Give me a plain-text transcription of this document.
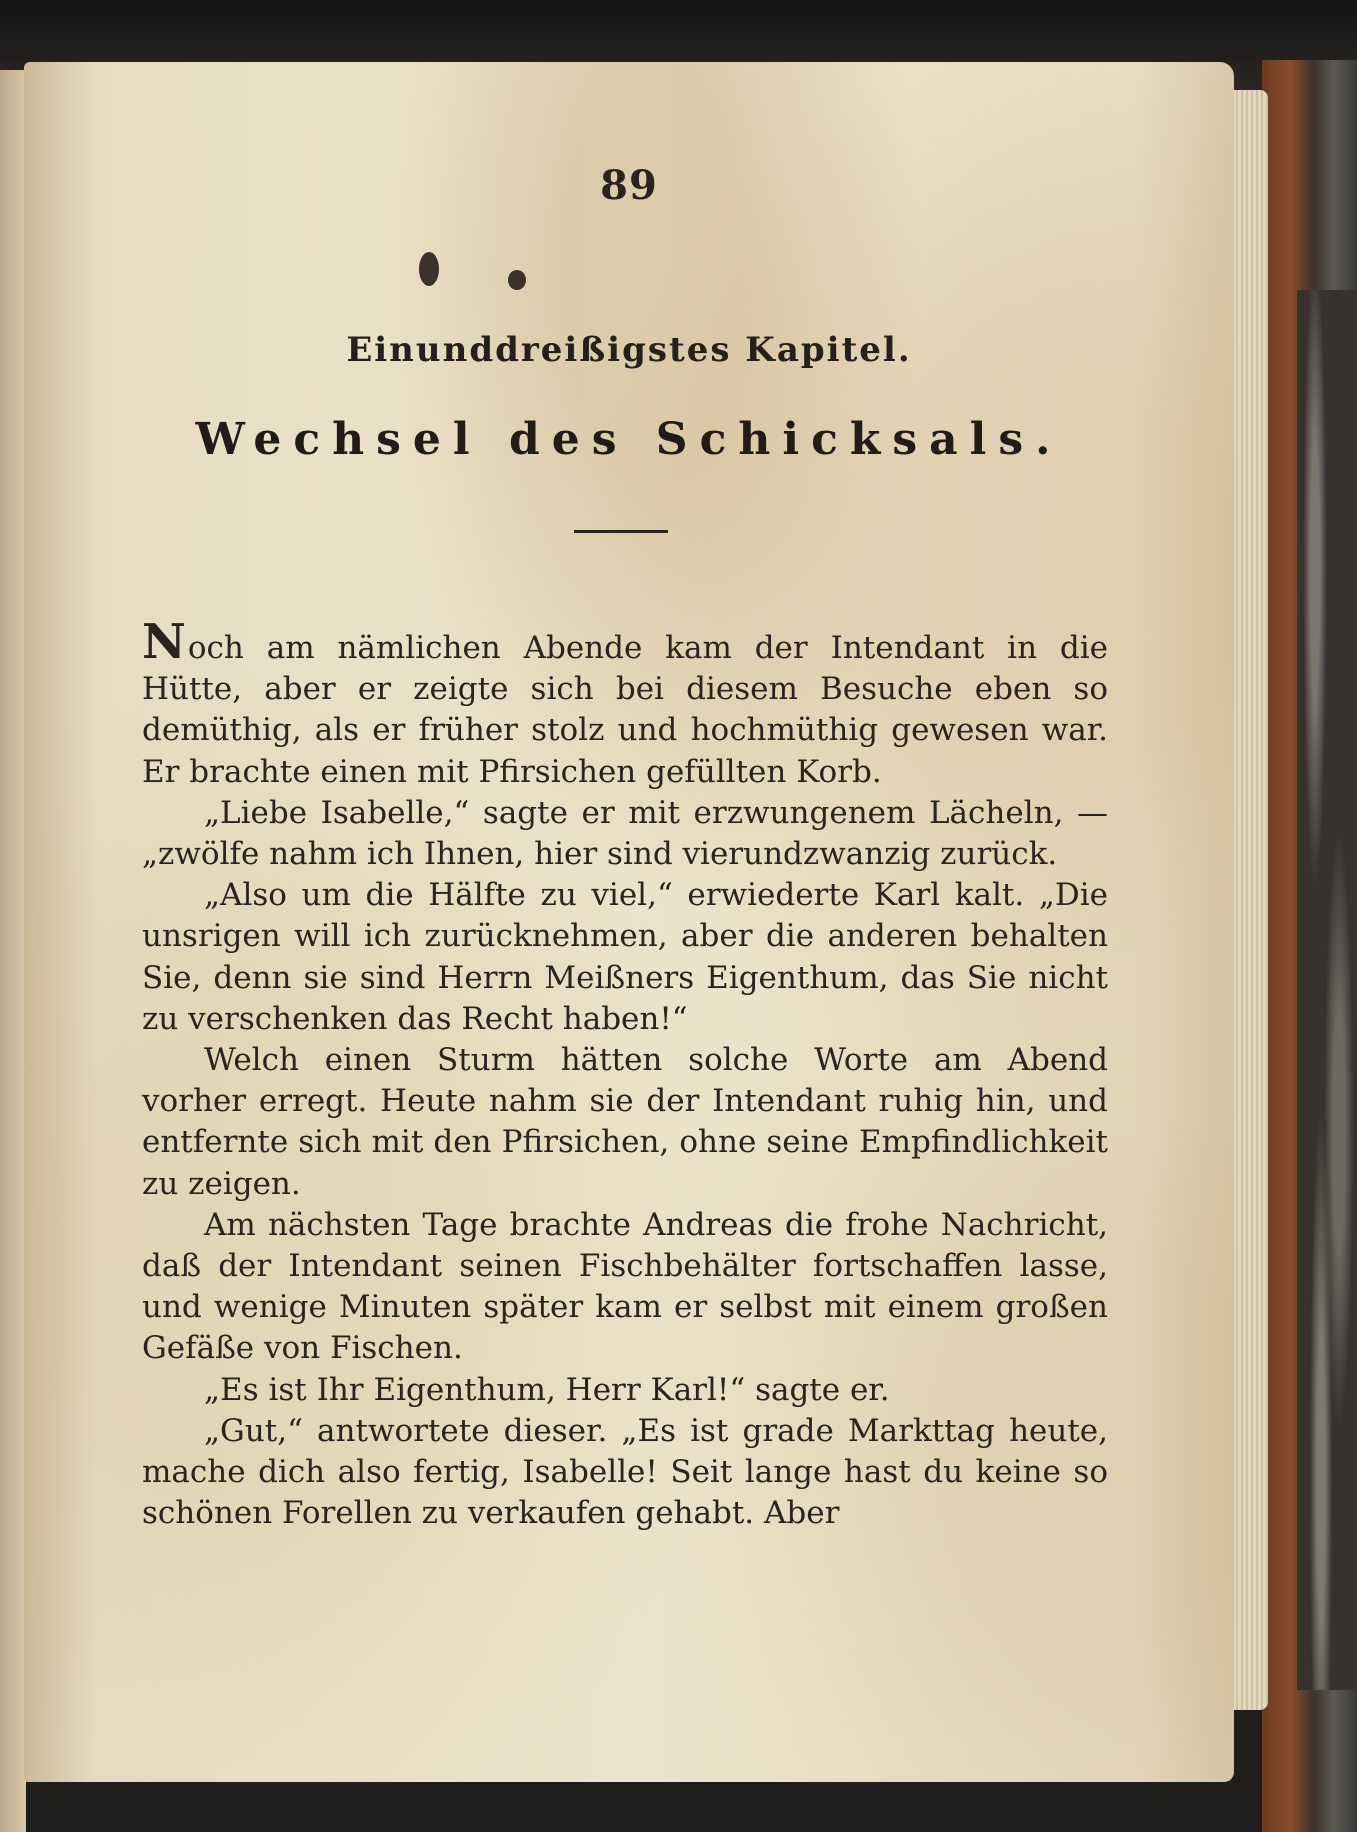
89
Einunddreißigstes Kapitel.
Wechsel des Schicksals.

Noch am nämlichen Abende kam der Intendant in die Hütte, aber er zeigte sich bei diesem Besuche eben so demüthig, als er früher stolz und hochmüthig gewesen war. Er brachte einen mit Pfirsichen gefüllten Korb.

„Liebe Isabelle,“ sagte er mit erzwungenem Lächeln, — „zwölfe nahm ich Ihnen, hier sind vierundzwanzig zurück.

„Also um die Hälfte zu viel,“ erwiederte Karl kalt. „Die unsrigen will ich zurücknehmen, aber die anderen behalten Sie, denn sie sind Herrn Meißners Eigenthum, das Sie nicht zu verschenken das Recht haben!“

Welch einen Sturm hätten solche Worte am Abend vorher erregt. Heute nahm sie der Intendant ruhig hin, und entfernte sich mit den Pfirsichen, ohne seine Empfindlichkeit zu zeigen.

Am nächsten Tage brachte Andreas die frohe Nachricht, daß der Intendant seinen Fischbehälter fortschaffen lasse, und wenige Minuten später kam er selbst mit einem großen Gefäße von Fischen.

„Es ist Ihr Eigenthum, Herr Karl!“ sagte er.

„Gut,“ antwortete dieser. „Es ist grade Markttag heute, mache dich also fertig, Isabelle! Seit lange hast du keine so schönen Forellen zu verkaufen gehabt. Aber
